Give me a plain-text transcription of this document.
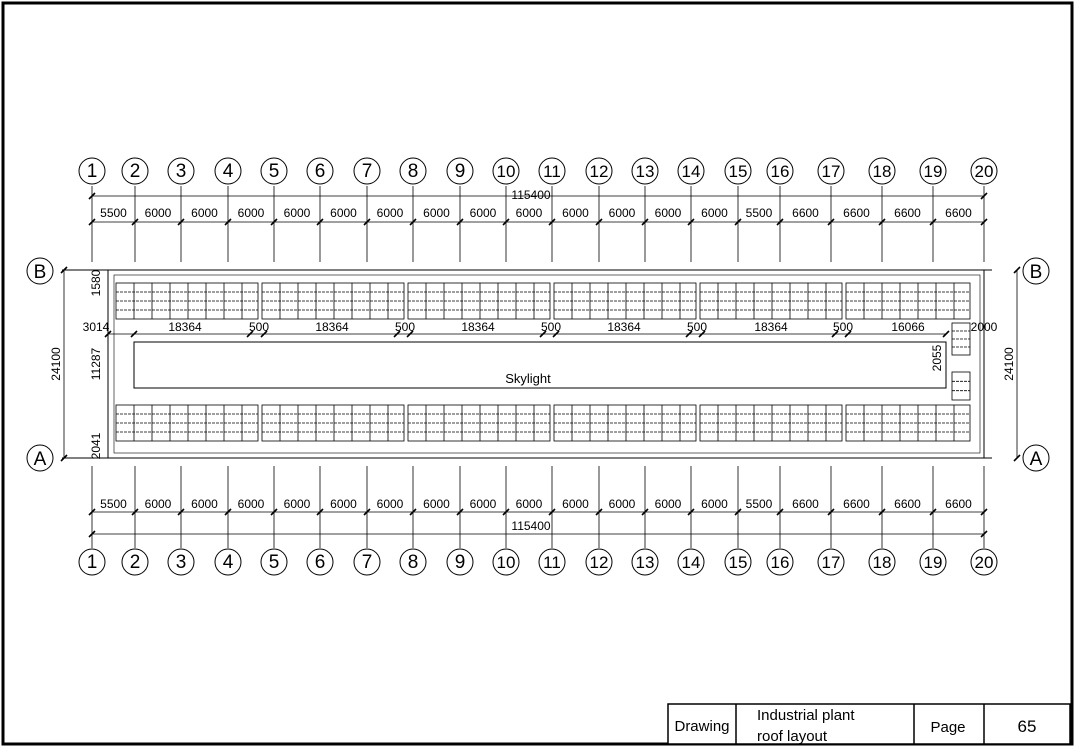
1
1
2
2
3
3
4
4
5
5
6
6
7
7
8
8
9
9
10
10
11
11
12
12
13
13
14
14
15
15
16
16
17
17
18
18
19
19
20
20
B	B
A	A
5500 6000 6000 6000 6000 6000 6000 6000 6000 6000 6000 6000 6000 6000 5500 6600 6600 6600 6600
115400
5500 6000 6000 6000 6000 6000 6000 6000 6000 6000 6000 6000 6000 6000 5500 6600 6600 6600 6600
115400
24100	24100
3014	18364	500	18364	500	18364	500	18364	500	18364	500	16066	2000
1580
11287
2041
2055
Skylight
Drawing
Industrial plant
roof layout
Page	65
